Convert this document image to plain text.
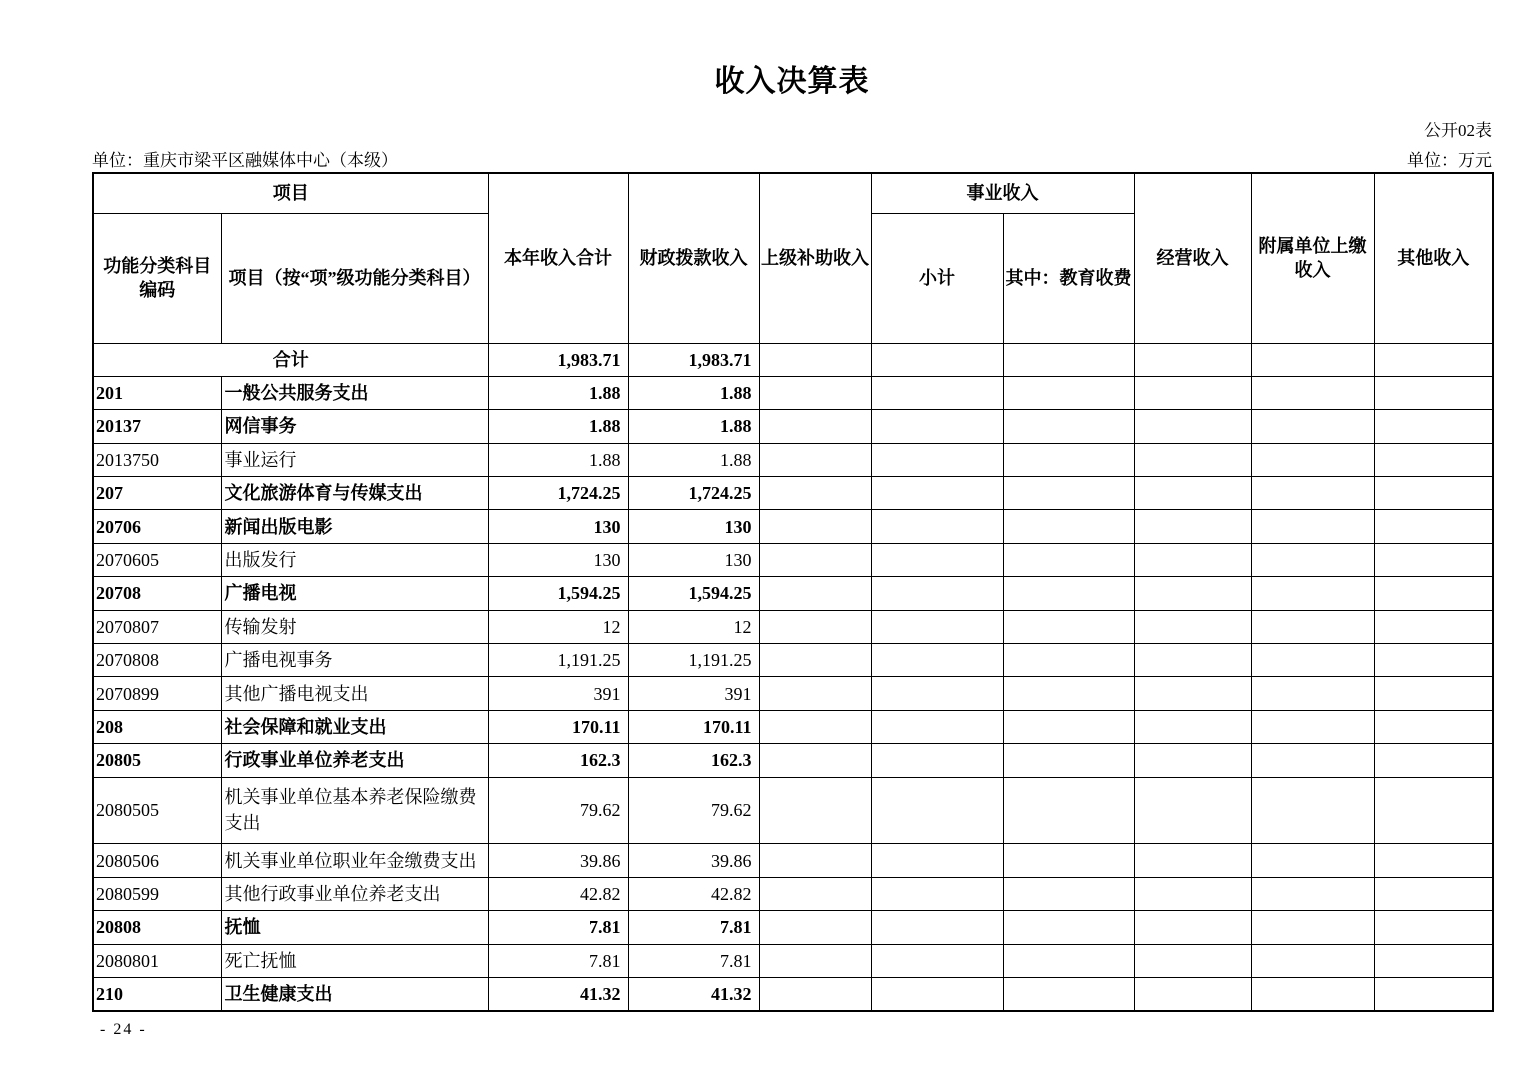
收入决算表
公开02表
单位：重庆市梁平区融媒体中心（本级）	单位：万元
项目		本年收入合计	财政拨款收入	上级补助收入	事业收入		经营收入	附属单位上缴收入	其他收入
功能分类科目编码	项目（按“项”级功能分类科目）				小计	其中：教育收费			
合计		1,983.71	1,983.71						
201	一般公共服务支出	1.88	1.88						
20137	网信事务	1.88	1.88						
2013750	事业运行	1.88	1.88						
207	文化旅游体育与传媒支出	1,724.25	1,724.25						
20706	新闻出版电影	130	130						
2070605	出版发行	130	130						
20708	广播电视	1,594.25	1,594.25						
2070807	传输发射	12	12						
2070808	广播电视事务	1,191.25	1,191.25						
2070899	其他广播电视支出	391	391						
208	社会保障和就业支出	170.11	170.11						
20805	行政事业单位养老支出	162.3	162.3						
2080505	机关事业单位基本养老保险缴费支出	79.62	79.62						
2080506	机关事业单位职业年金缴费支出	39.86	39.86						
2080599	其他行政事业单位养老支出	42.82	42.82						
20808	抚恤	7.81	7.81						
2080801	死亡抚恤	7.81	7.81						
210	卫生健康支出	41.32	41.32						
- 24 -
